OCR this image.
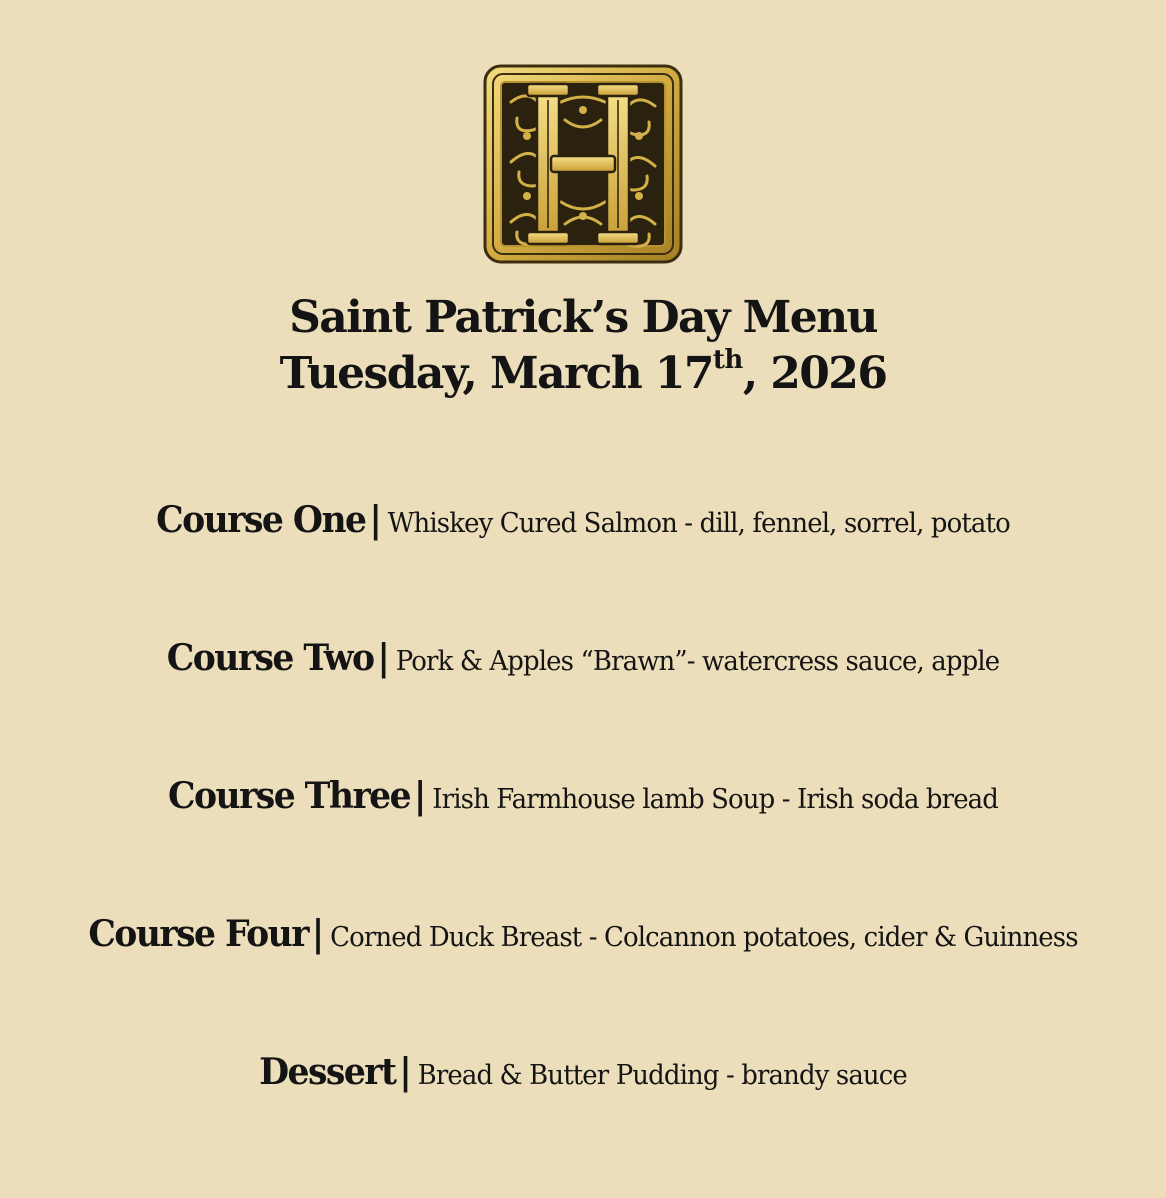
Saint Patrick’s Day Menu
Tuesday, March 17th, 2026
Course One | Whiskey Cured Salmon - dill, fennel, sorrel, potato
Course Two | Pork & Apples “Brawn”- watercress sauce, apple
Course Three | Irish Farmhouse lamb Soup - Irish soda bread
Course Four | Corned Duck Breast - Colcannon potatoes, cider & Guinness
Dessert | Bread & Butter Pudding - brandy sauce
